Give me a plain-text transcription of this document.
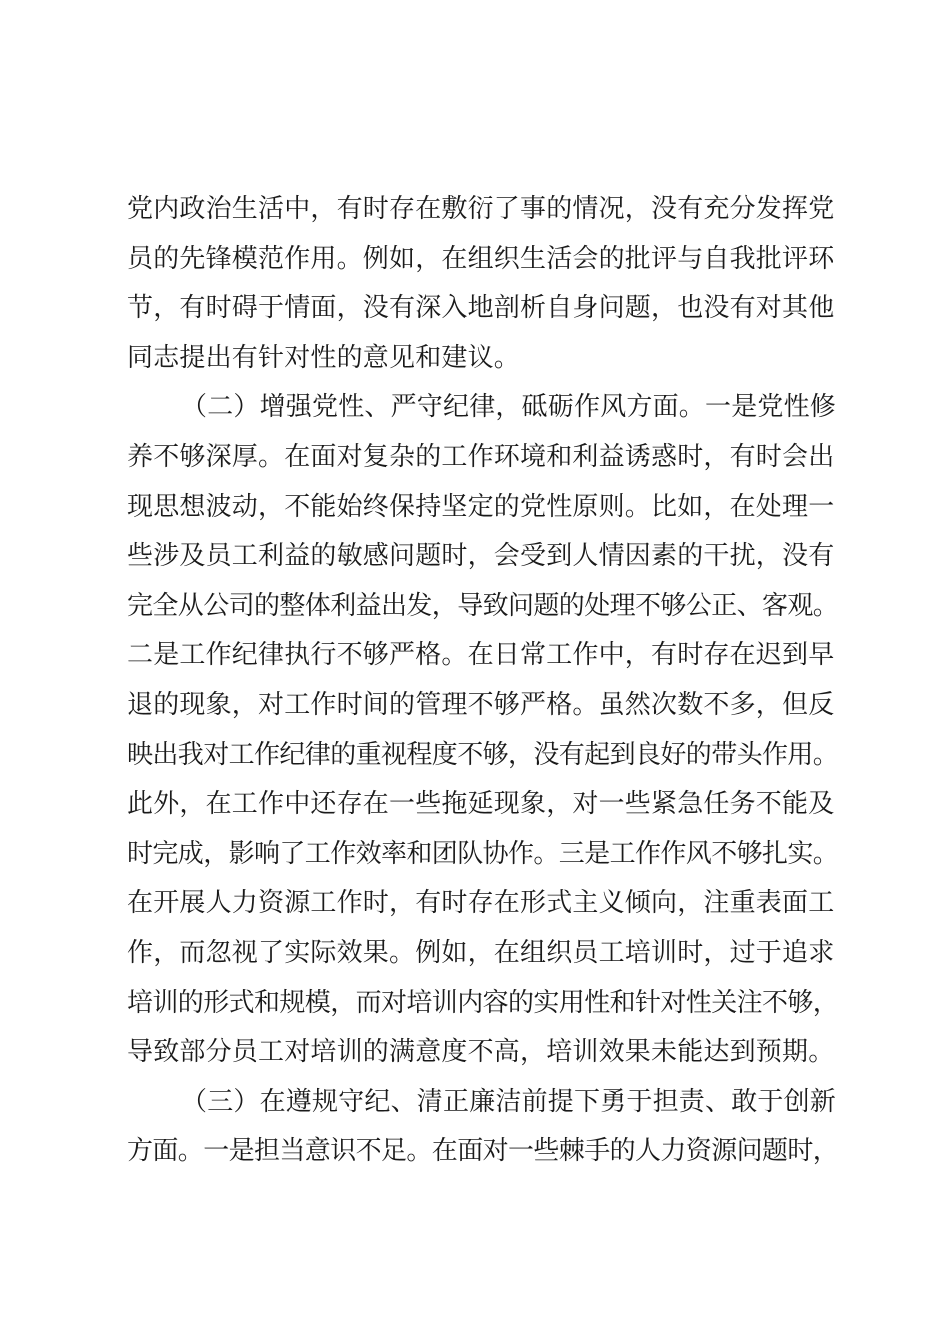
党内政治生活中，有时存在敷衍了事的情况，没有充分发挥党
员的先锋模范作用。例如，在组织生活会的批评与自我批评环
节，有时碍于情面，没有深入地剖析自身问题，也没有对其他
同志提出有针对性的意见和建议。
（二）增强党性、严守纪律，砥砺作风方面。一是党性修
养不够深厚。在面对复杂的工作环境和利益诱惑时，有时会出
现思想波动，不能始终保持坚定的党性原则。比如，在处理一
些涉及员工利益的敏感问题时，会受到人情因素的干扰，没有
完全从公司的整体利益出发，导致问题的处理不够公正、客观。
二是工作纪律执行不够严格。在日常工作中，有时存在迟到早
退的现象，对工作时间的管理不够严格。虽然次数不多，但反
映出我对工作纪律的重视程度不够，没有起到良好的带头作用。
此外，在工作中还存在一些拖延现象，对一些紧急任务不能及
时完成，影响了工作效率和团队协作。三是工作作风不够扎实。
在开展人力资源工作时，有时存在形式主义倾向，注重表面工
作，而忽视了实际效果。例如，在组织员工培训时，过于追求
培训的形式和规模，而对培训内容的实用性和针对性关注不够，
导致部分员工对培训的满意度不高，培训效果未能达到预期。
（三）在遵规守纪、清正廉洁前提下勇于担责、敢于创新
方面。一是担当意识不足。在面对一些棘手的人力资源问题时，
